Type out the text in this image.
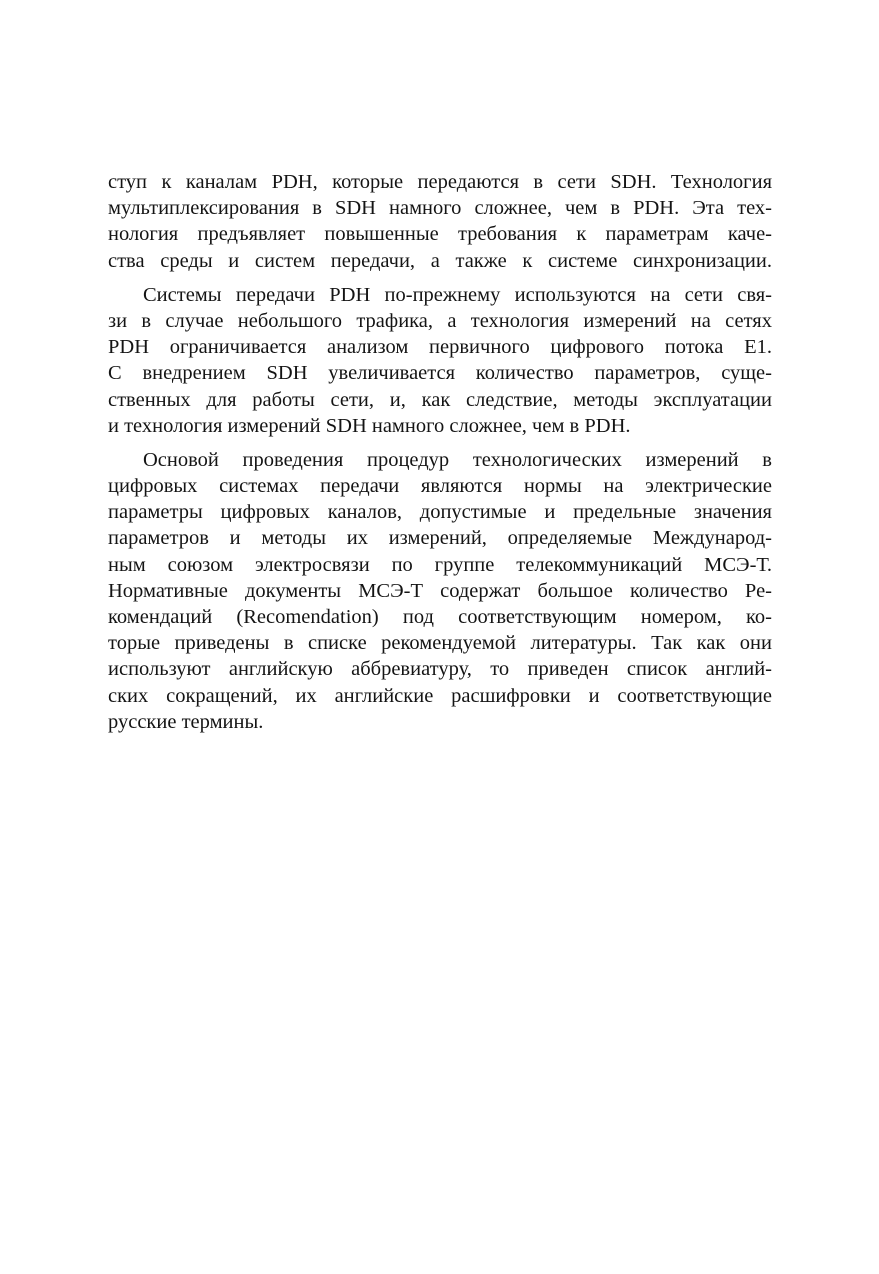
ступ к каналам PDH, которые передаются в сети SDH. Технология
мультиплексирования в SDH намного сложнее, чем в PDH. Эта тех-
нология предъявляет повышенные требования к параметрам каче-
ства среды и систем передачи, а также к системе синхронизации.
Системы передачи PDH по-прежнему используются на сети свя-
зи в случае небольшого трафика, а технология измерений на сетях
PDH ограничивается анализом первичного цифрового потока E1.
С внедрением SDH увеличивается количество параметров, суще-
ственных для работы сети, и, как следствие, методы эксплуатации
и технология измерений SDH намного сложнее, чем в PDH.
Основой проведения процедур технологических измерений в
цифровых системах передачи являются нормы на электрические
параметры цифровых каналов, допустимые и предельные значения
параметров и методы их измерений, определяемые Международ-
ным союзом электросвязи по группе телекоммуникаций МСЭ-Т.
Нормативные документы МСЭ-Т содержат большое количество Ре-
комендаций (Recomendation) под соответствующим номером, ко-
торые приведены в списке рекомендуемой литературы. Так как они
используют английскую аббревиатуру, то приведен список англий-
ских сокращений, их английские расшифровки и соответствующие
русские термины.
